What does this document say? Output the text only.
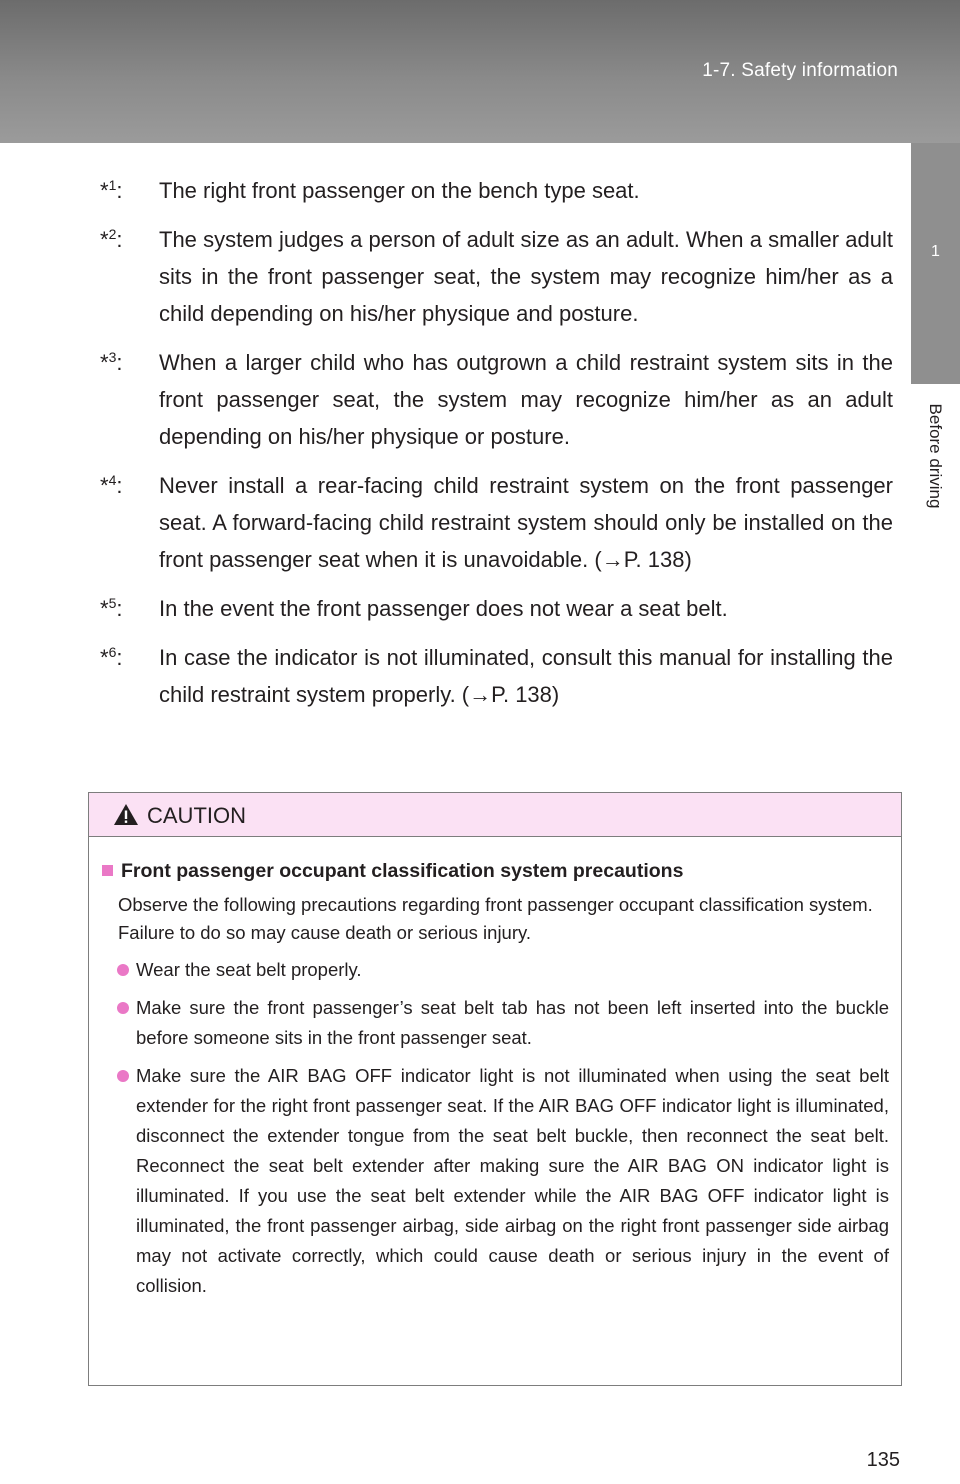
1-7. Safety information
1
Before driving
*$^1$: The right front passenger on the bench type seat.
*$^2$: The system judges a person of adult size as an adult. When a smaller adult sits in the front passenger seat, the system may recognize him/her as a child depending on his/her physique and posture.
*$^3$: When a larger child who has outgrown a child restraint system sits in the front passenger seat, the system may recognize him/her as an adult depending on his/her physique or posture.
*$^4$: Never install a rear-facing child restraint system on the front passenger seat. A forward-facing child restraint system should only be installed on the front passenger seat when it is unavoidable. (→P. 138)
*$^5$: In the event the front passenger does not wear a seat belt.
*$^6$: In case the indicator is not illuminated, consult this manual for installing the child restraint system properly. (→P. 138)
CAUTION
Front passenger occupant classification system precautions
Observe the following precautions regarding front passenger occupant classification system.
Failure to do so may cause death or serious injury.
Wear the seat belt properly.
Make sure the front passenger’s seat belt tab has not been left inserted into the buckle before someone sits in the front passenger seat.
Make sure the AIR BAG OFF indicator light is not illuminated when using the seat belt extender for the right front passenger seat. If the AIR BAG OFF indicator light is illuminated, disconnect the extender tongue from the seat belt buckle, then reconnect the seat belt. Reconnect the seat belt extender after making sure the AIR BAG ON indicator light is illuminated. If you use the seat belt extender while the AIR BAG OFF indicator light is illuminated, the front passenger airbag, side airbag on the right front passenger side airbag may not activate correctly, which could cause death or serious injury in the event of collision.
135
